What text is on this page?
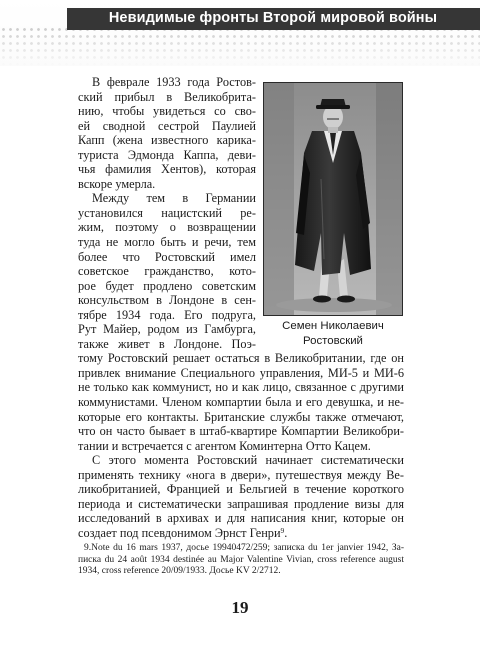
Невидимые фронты Второй мировой войны
Семен Николаевич
Ростовский
В феврале 1933 года Ростов-
ский прибыл в Великобрита-
нию, чтобы увидеться со сво-
ей сводной сестрой Паулией
Капп (жена известного карика-
туриста Эдмонда Каппа, деви-
чья фамилия Хентов), которая
вскоре умерла.
Между тем в Германии
установился нацистский ре-
жим, поэтому о возвращении
туда не могло быть и речи, тем
более что Ростовский имел
советское гражданство, кото-
рое будет продлено советским
консульством в Лондоне в сен-
тябре 1934 года. Его подруга,
Рут Майер, родом из Гамбурга,
также живет в Лондоне. Поэ-
тому Ростовский решает остаться в Великобритании, где он
привлек внимание Специального управления, МИ-5 и МИ-6
не только как коммунист, но и как лицо, связанное с другими
коммунистами. Членом компартии была и его девушка, и не-
которые его контакты. Британские службы также отмечают,
что он часто бывает в штаб-квартире Компартии Великобри-
тании и встречается с агентом Коминтерна Отто Кацем.
С этого момента Ростовский начинает систематически
применять технику «нога в двери», путешествуя между Ве-
ликобританией, Францией и Бельгией в течение короткого
периода и систематически запрашивая продление визы для
исследований в архивах и для написания книг, которые он
создает под псевдонимом Эрнст Генри$^9$.
9.Note du 16 mars 1937, досье 19940472/259; записка du 1er janvier 1942, За-
писка du 24 août 1934 destinée au Major Valentine Vivian, cross reference august
1934, cross reference 20/09/1933. Досье KV 2/2712.
19
